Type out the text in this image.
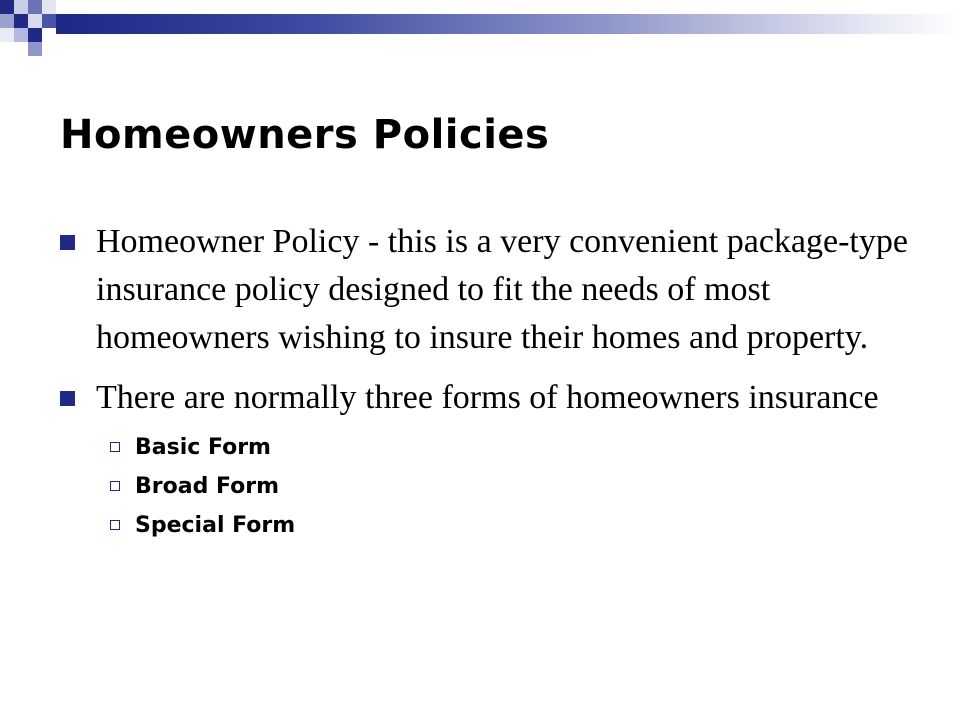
Homeowners Policies
Homeowner Policy - this is a very convenient package-type insurance policy designed to fit the needs of most homeowners wishing to insure their homes and property.
There are normally three forms of homeowners insurance
Basic Form
Broad Form
Special Form
